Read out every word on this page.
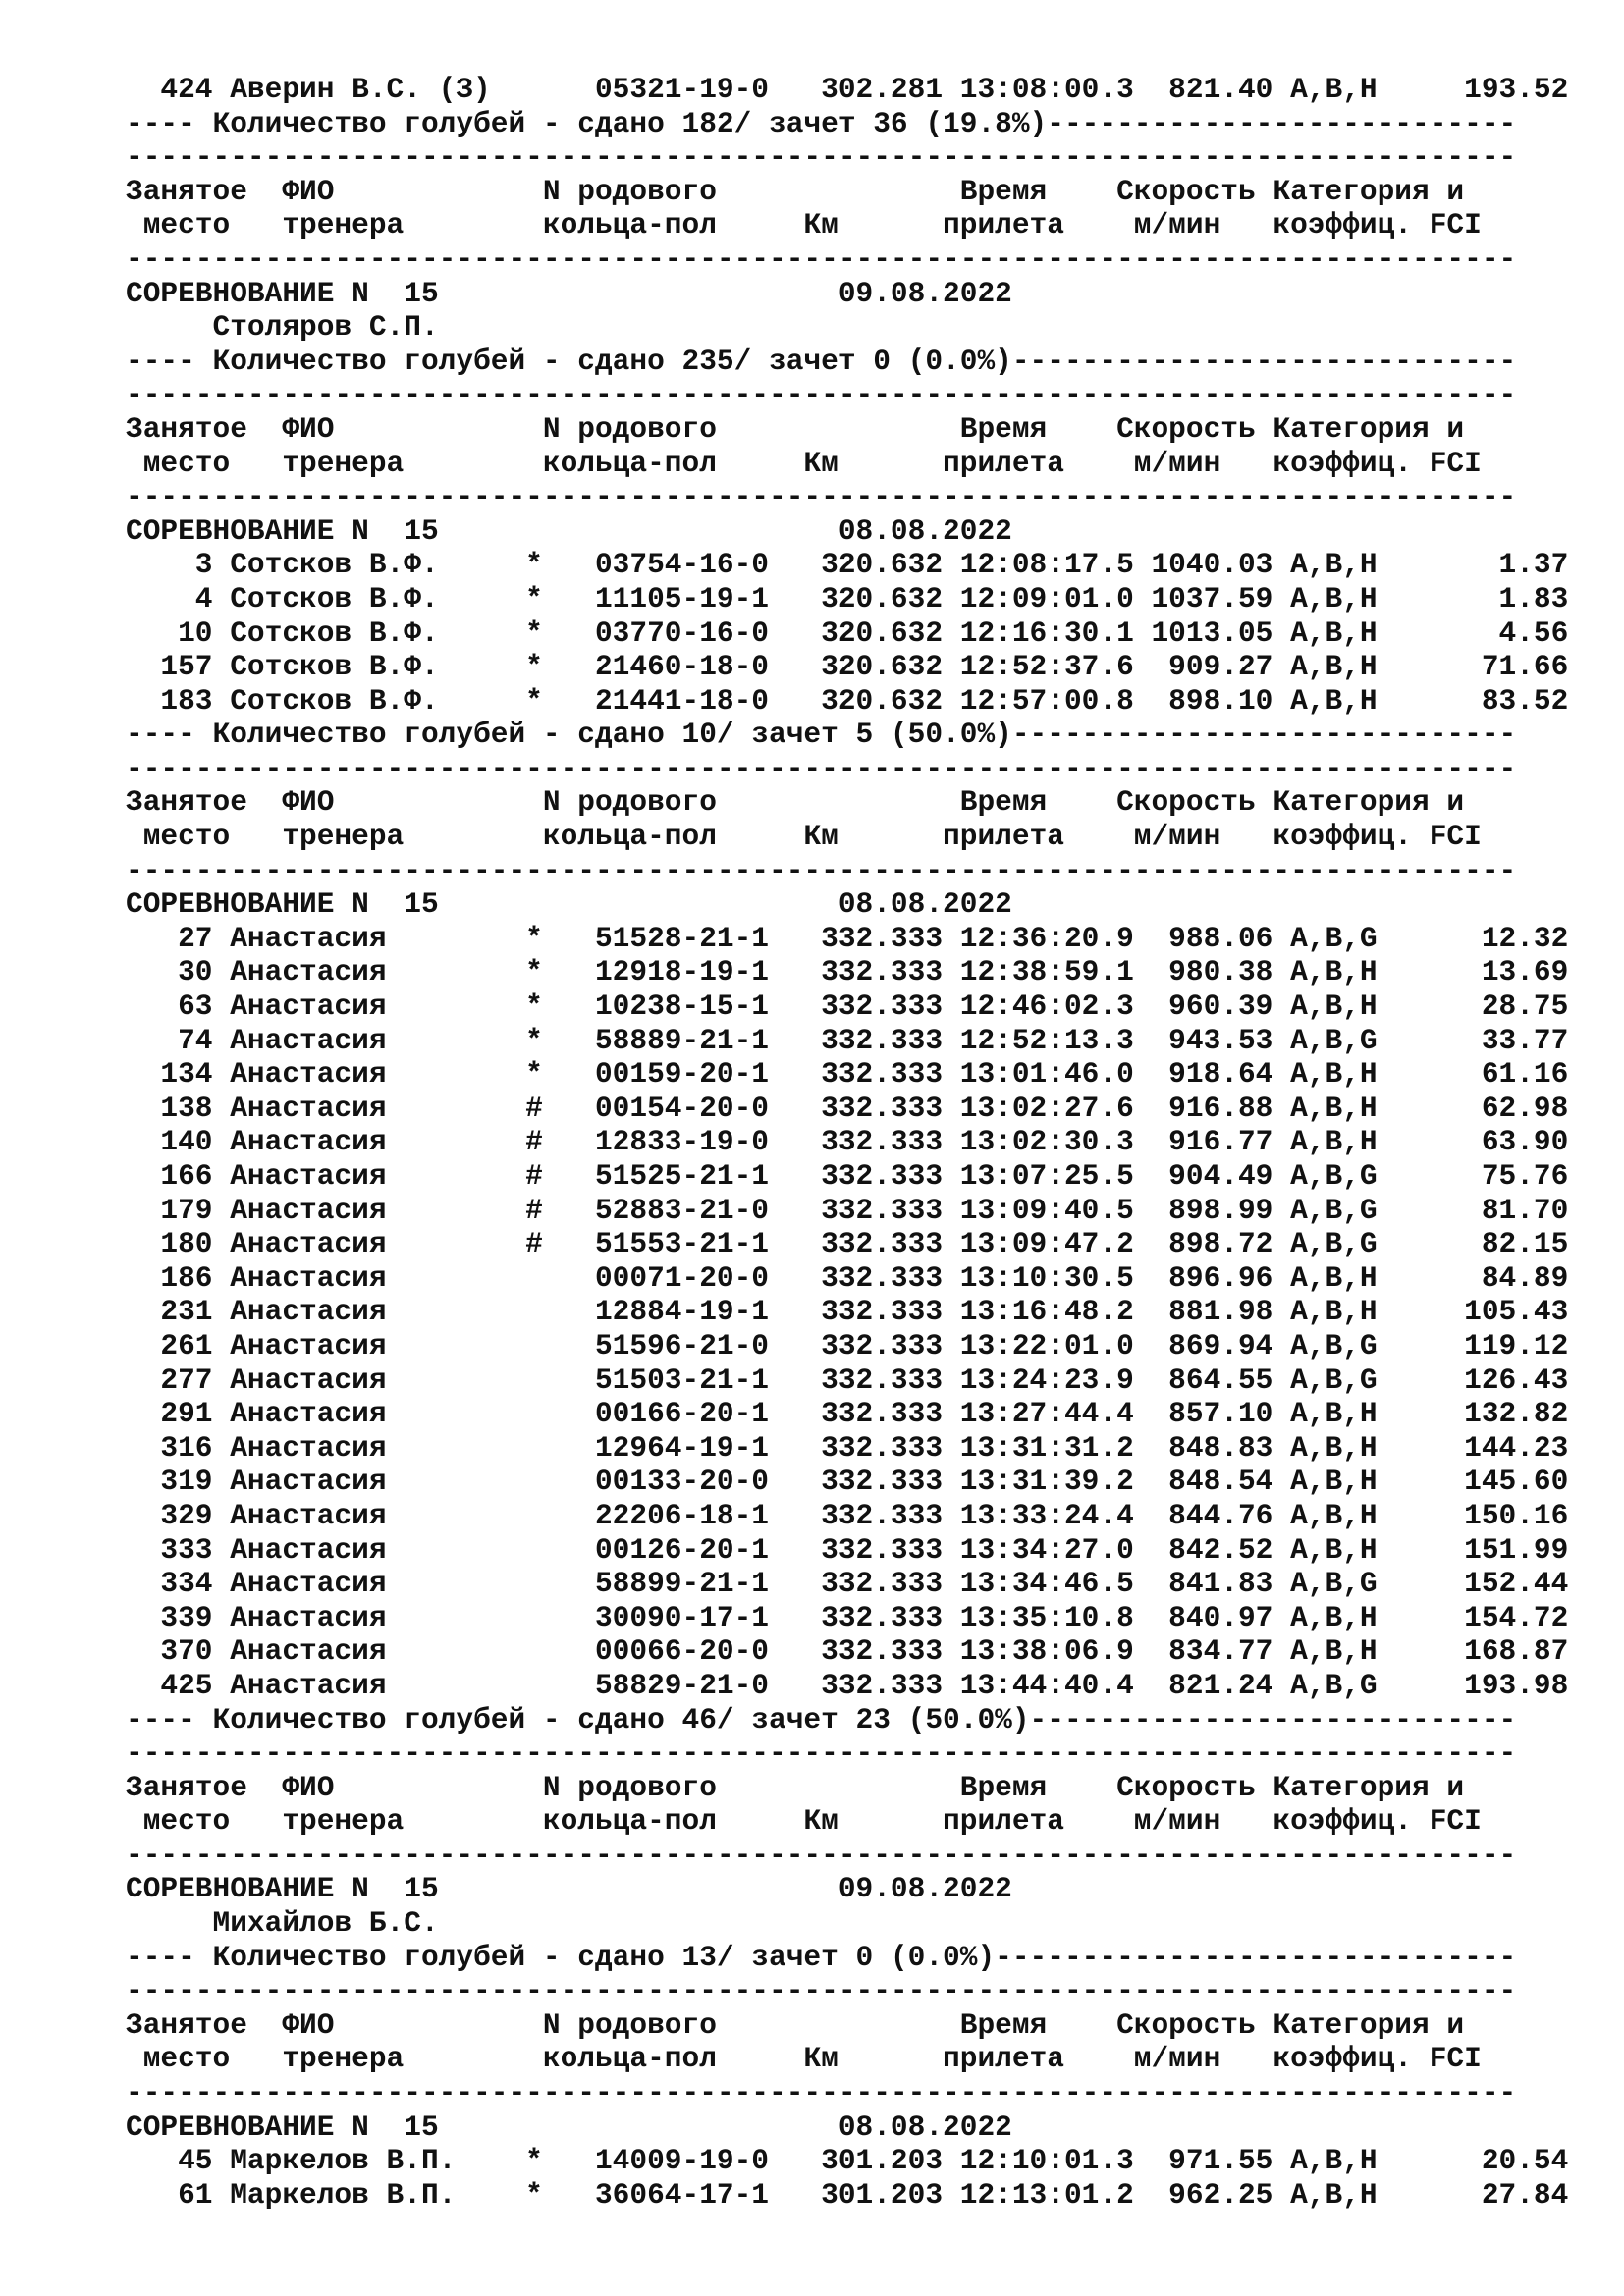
424 Аверин В.С. (З)      05321-19-0   302.281 13:08:00.3  821.40 A,B,H     193.52
---- Количество голубей - сдано 182/ зачет 36 (19.8%)---------------------------
--------------------------------------------------------------------------------
Занятое  ФИО            N родового              Время    Скорость Категория и
место   тренера        кольца-пол     Км      прилета    м/мин   коэффиц. FCI
--------------------------------------------------------------------------------
СОРЕВНОВАНИЕ N  15                       09.08.2022
Столяров С.П.
---- Количество голубей - сдано 235/ зачет 0 (0.0%)-----------------------------
--------------------------------------------------------------------------------
Занятое  ФИО            N родового              Время    Скорость Категория и
место   тренера        кольца-пол     Км      прилета    м/мин   коэффиц. FCI
--------------------------------------------------------------------------------
СОРЕВНОВАНИЕ N  15                       08.08.2022
3 Сотсков В.Ф.     *   03754-16-0   320.632 12:08:17.5 1040.03 A,B,H       1.37
4 Сотсков В.Ф.     *   11105-19-1   320.632 12:09:01.0 1037.59 A,B,H       1.83
10 Сотсков В.Ф.     *   03770-16-0   320.632 12:16:30.1 1013.05 A,B,H       4.56
157 Сотсков В.Ф.     *   21460-18-0   320.632 12:52:37.6  909.27 A,B,H      71.66
183 Сотсков В.Ф.     *   21441-18-0   320.632 12:57:00.8  898.10 A,B,H      83.52
---- Количество голубей - сдано 10/ зачет 5 (50.0%)-----------------------------
--------------------------------------------------------------------------------
Занятое  ФИО            N родового              Время    Скорость Категория и
место   тренера        кольца-пол     Км      прилета    м/мин   коэффиц. FCI
--------------------------------------------------------------------------------
СОРЕВНОВАНИЕ N  15                       08.08.2022
27 Анастасия        *   51528-21-1   332.333 12:36:20.9  988.06 A,B,G      12.32
30 Анастасия        *   12918-19-1   332.333 12:38:59.1  980.38 A,B,H      13.69
63 Анастасия        *   10238-15-1   332.333 12:46:02.3  960.39 A,B,H      28.75
74 Анастасия        *   58889-21-1   332.333 12:52:13.3  943.53 A,B,G      33.77
134 Анастасия        *   00159-20-1   332.333 13:01:46.0  918.64 A,B,H      61.16
138 Анастасия        #   00154-20-0   332.333 13:02:27.6  916.88 A,B,H      62.98
140 Анастасия        #   12833-19-0   332.333 13:02:30.3  916.77 A,B,H      63.90
166 Анастасия        #   51525-21-1   332.333 13:07:25.5  904.49 A,B,G      75.76
179 Анастасия        #   52883-21-0   332.333 13:09:40.5  898.99 A,B,G      81.70
180 Анастасия        #   51553-21-1   332.333 13:09:47.2  898.72 A,B,G      82.15
186 Анастасия            00071-20-0   332.333 13:10:30.5  896.96 A,B,H      84.89
231 Анастасия            12884-19-1   332.333 13:16:48.2  881.98 A,B,H     105.43
261 Анастасия            51596-21-0   332.333 13:22:01.0  869.94 A,B,G     119.12
277 Анастасия            51503-21-1   332.333 13:24:23.9  864.55 A,B,G     126.43
291 Анастасия            00166-20-1   332.333 13:27:44.4  857.10 A,B,H     132.82
316 Анастасия            12964-19-1   332.333 13:31:31.2  848.83 A,B,H     144.23
319 Анастасия            00133-20-0   332.333 13:31:39.2  848.54 A,B,H     145.60
329 Анастасия            22206-18-1   332.333 13:33:24.4  844.76 A,B,H     150.16
333 Анастасия            00126-20-1   332.333 13:34:27.0  842.52 A,B,H     151.99
334 Анастасия            58899-21-1   332.333 13:34:46.5  841.83 A,B,G     152.44
339 Анастасия            30090-17-1   332.333 13:35:10.8  840.97 A,B,H     154.72
370 Анастасия            00066-20-0   332.333 13:38:06.9  834.77 A,B,H     168.87
425 Анастасия            58829-21-0   332.333 13:44:40.4  821.24 A,B,G     193.98
---- Количество голубей - сдано 46/ зачет 23 (50.0%)----------------------------
--------------------------------------------------------------------------------
Занятое  ФИО            N родового              Время    Скорость Категория и
место   тренера        кольца-пол     Км      прилета    м/мин   коэффиц. FCI
--------------------------------------------------------------------------------
СОРЕВНОВАНИЕ N  15                       09.08.2022
Михайлов Б.С.
---- Количество голубей - сдано 13/ зачет 0 (0.0%)------------------------------
--------------------------------------------------------------------------------
Занятое  ФИО            N родового              Время    Скорость Категория и
место   тренера        кольца-пол     Км      прилета    м/мин   коэффиц. FCI
--------------------------------------------------------------------------------
СОРЕВНОВАНИЕ N  15                       08.08.2022
45 Маркелов В.П.    *   14009-19-0   301.203 12:10:01.3  971.55 A,B,H      20.54
61 Маркелов В.П.    *   36064-17-1   301.203 12:13:01.2  962.25 A,B,H      27.84
